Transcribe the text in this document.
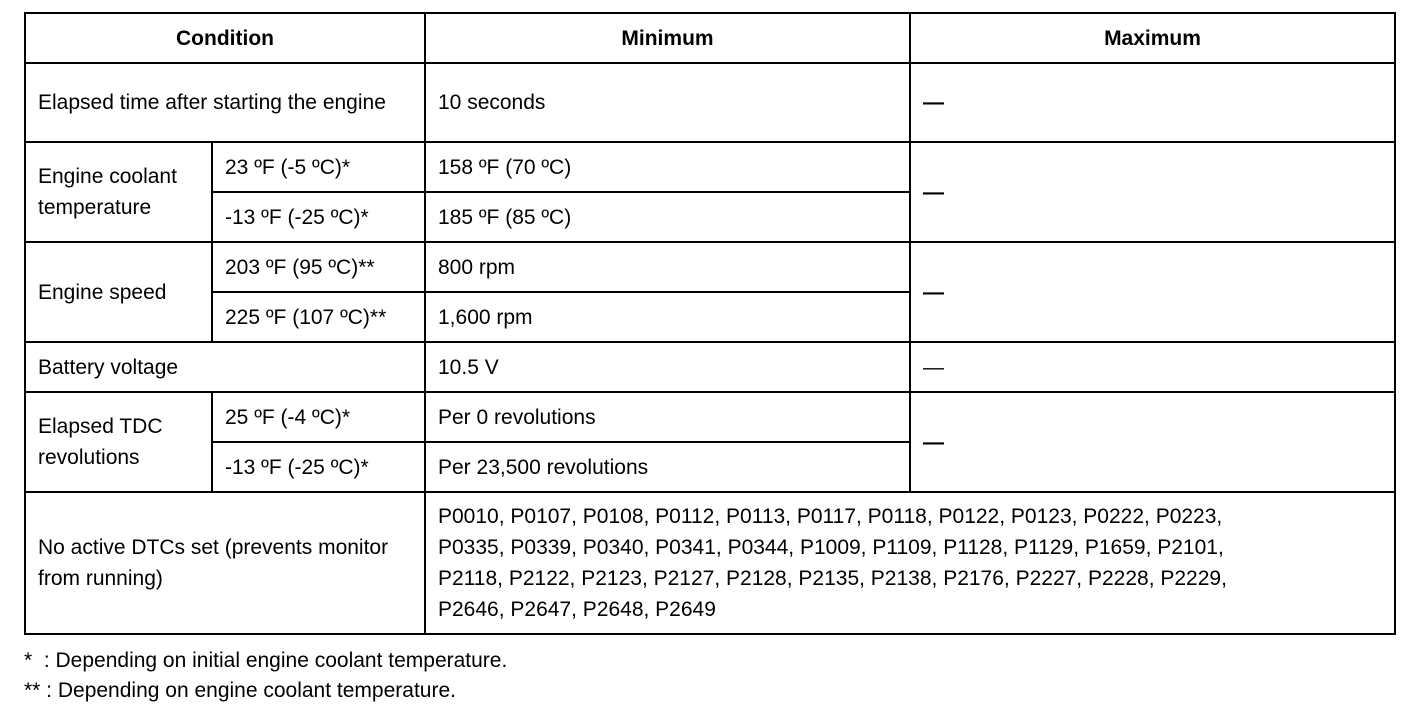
Condition		Minimum	Maximum
Elapsed time after starting the engine		10 seconds	—
Engine coolant temperature	23 ºF (-5 ºC)*	158 ºF (70 ºC)	—
	-13 ºF (-25 ºC)*	185 ºF (85 ºC)	
Engine speed	203 ºF (95 ºC)**	800 rpm	—
	225 ºF (107 ºC)**	1,600 rpm	
Battery voltage		10.5 V	—
Elapsed TDC revolutions	25 ºF (-4 ºC)*	Per 0 revolutions	—
	-13 ºF (-25 ºC)*	Per 23,500 revolutions	
No active DTCs set (prevents monitor from running)		P0010, P0107, P0108, P0112, P0113, P0117, P0118, P0122, P0123, P0222, P0223,
P0335, P0339, P0340, P0341, P0344, P1009, P1109, P1128, P1129, P1659, P2101,
P2118, P2122, P2123, P2127, P2128, P2135, P2138, P2176, P2227, P2228, P2229,
P2646, P2647, P2648, P2649	
*  : Depending on initial engine coolant temperature.
** : Depending on engine coolant temperature.
